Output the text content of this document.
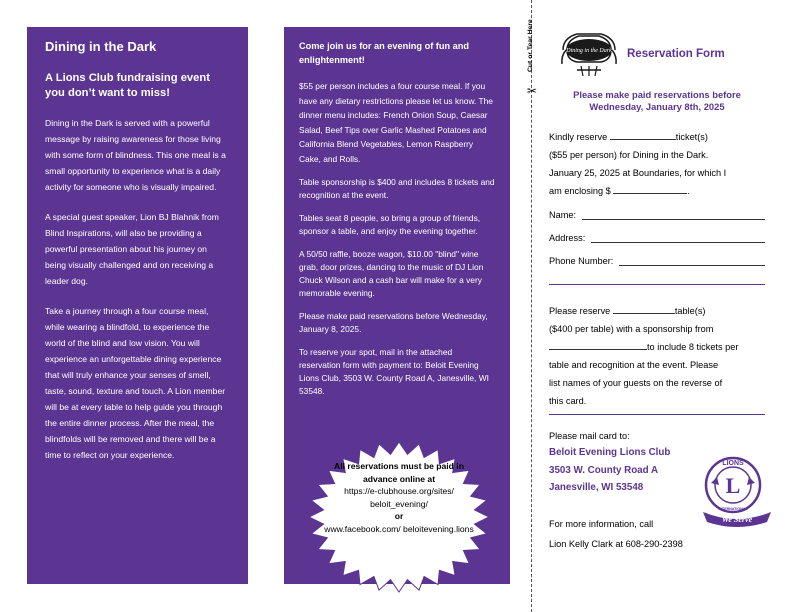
Dining in the Dark
A Lions Club fundraising event you don’t want to miss!

Dining in the Dark is served with a powerful message by raising awareness for those living with some form of blindness. This one meal is a small opportunity to experience what is a daily activity for someone who is visually impaired.

A special guest speaker, Lion BJ Blahnik from Blind Inspirations, will also be providing a powerful presentation about his journey on being visually challenged and on receiving a leader dog.

Take a journey through a four course meal, while wearing a blindfold, to experience the world of the blind and low vision. You will experience an unforgettable dining experience that will truly enhance your senses of smell, taste, sound, texture and touch. A Lion member will be at every table to help guide you through the entire dinner process. After the meal, the blindfolds will be removed and there will be a time to reflect on your experience.

Come join us for an evening of fun and enlightenment!

$55 per person includes a four course meal. If you have any dietary restrictions please let us know. The dinner menu includes: French Onion Soup, Caesar Salad, Beef Tips over Garlic Mashed Potatoes and California Blend Vegetables, Lemon Raspberry Cake, and Rolls.

Table sponsorship is $400 and includes 8 tickets and recognition at the event.

Tables seat 8 people, so bring a group of friends, sponsor a table, and enjoy the evening together.

A 50/50 raffle, booze wagon, $10.00 "blind" wine grab, door prizes, dancing to the music of DJ Lion Chuck Wilson and a cash bar will make for a very memorable evening.

Please make paid reservations before Wednesday, January 8, 2025.

To reserve your spot, mail in the attached reservation form with payment to: Beloit Evening Lions Club, 3503 W. County Road A, Janesville, WI 53548.

All reservations must be paid in advance online at
https://e-clubhouse.org/sites/ beloit_evening/
or
www.facebook.com/ beloitevening.lions
Cut or Tear Here
✂
Dining in the Dark Reservation Form
Please make paid reservations before Wednesday, January 8th, 2025
Kindly reserve	ticket(s)
($55 per person) for Dining in the Dark.
January 25, 2025 at Boundaries, for which I
am enclosing $	.
Name:
Address:
Phone Number:
Please reserve	table(s)
($400 per table) with a sponsorship from
to include 8 tickets per
table and recognition at the event. Please
list names of your guests on the reverse of
this card.
Please mail card to:
Beloit Evening Lions Club
3503 W. County Road A
Janesville, WI 53548
For more information, call
Lion Kelly Clark at 608-290-2398
LIONS
L
INTERNATIONAL
We Serve
